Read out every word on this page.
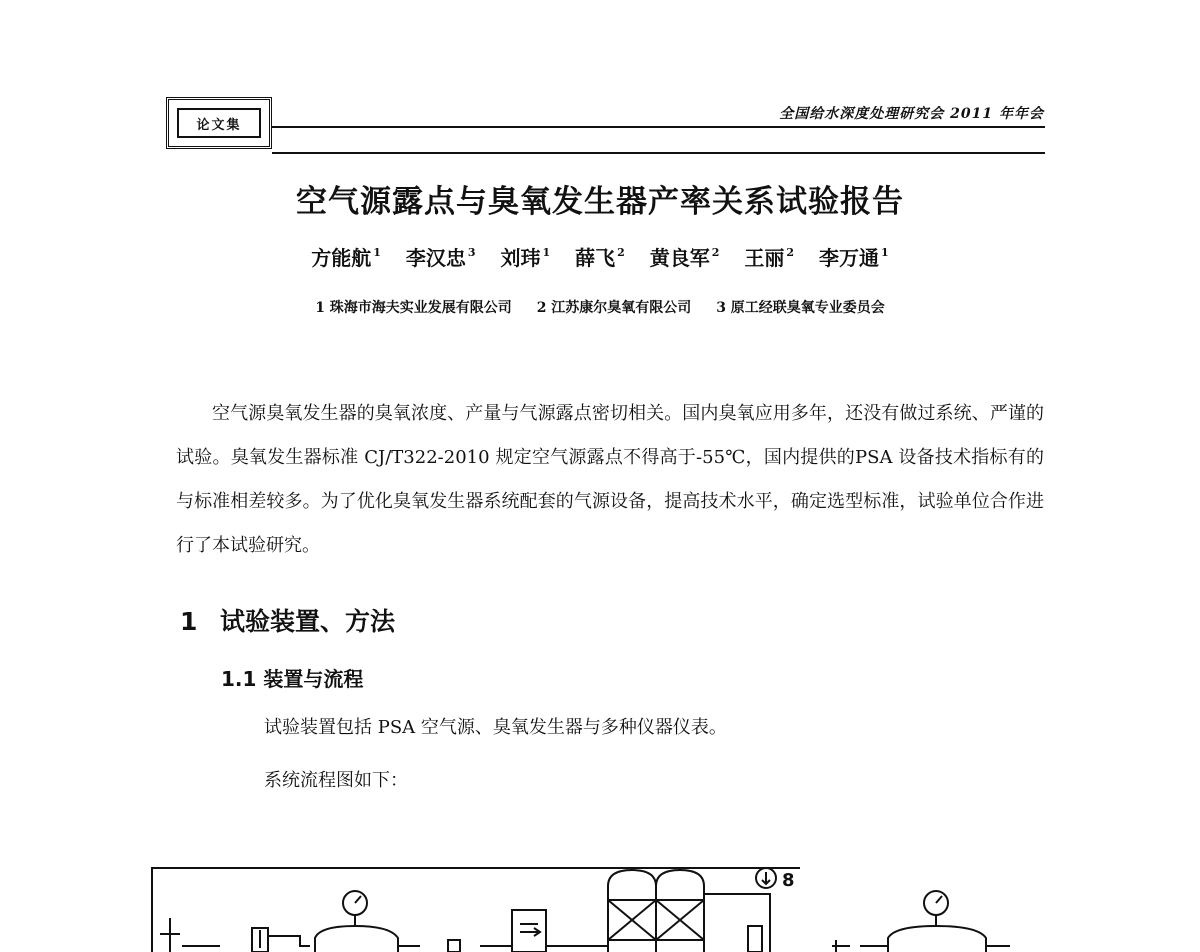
论文集
全国给水深度处理研究会 2011 年年会
空气源露点与臭氧发生器产率关系试验报告
方能航 $^1$ 李汉忠 $^3$ 刘玮 $^1$ 薛飞 $^2$ 黄良军 $^2$ 王丽 $^2$ 李万通 $^1$
1 珠海市海夫实业发展有限公司 2 江苏康尔臭氧有限公司 3 原工经联臭氧专业委员会

空气源臭氧发生器的臭氧浓度、产量与气源露点密切相关。国内臭氧应用多年，还没有做过系统、严谨的试验。臭氧发生器标准 CJ/T322-2010 规定空气源露点不得高于-55℃，国内提供的PSA 设备技术指标有的与标准相差较多。为了优化臭氧发生器系统配套的气源设备，提高技术水平，确定选型标准，试验单位合作进行了本试验研究。

1 试验装置、方法
1.1 装置与流程
试验装置包括 PSA 空气源、臭氧发生器与多种仪器仪表。
系统流程图如下：
8
